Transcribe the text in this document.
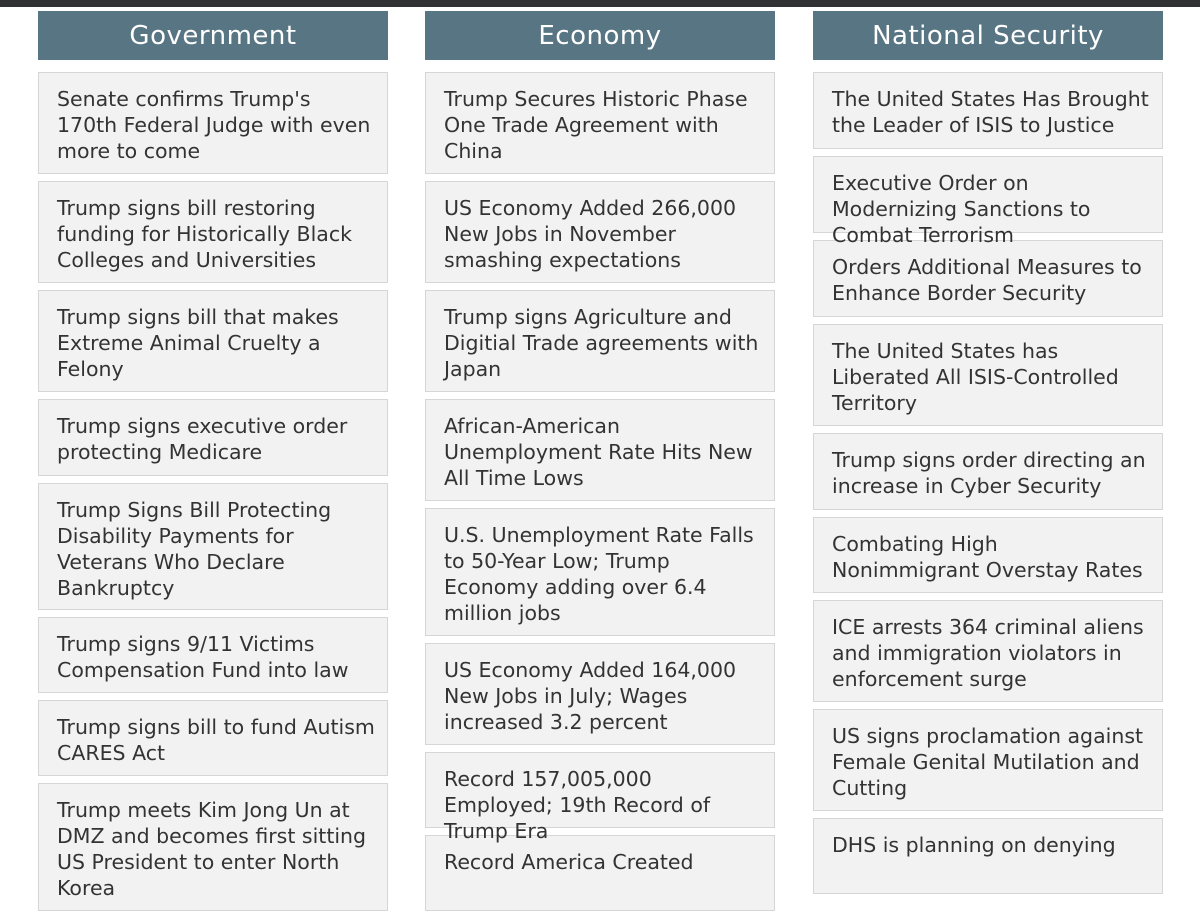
Government
Senate confirms Trump's 170th Federal Judge with even more to come
Trump signs bill restoring funding for Historically Black Colleges and Universities
Trump signs bill that makes Extreme Animal Cruelty a Felony
Trump signs executive order protecting Medicare
Trump Signs Bill Protecting Disability Payments for Veterans Who Declare Bankruptcy
Trump signs 9/11 Victims Compensation Fund into law
Trump signs bill to fund Autism CARES Act
Trump meets Kim Jong Un at DMZ and becomes first sitting US President to enter North Korea
Economy
Trump Secures Historic Phase One Trade Agreement with China
US Economy Added 266,000 New Jobs in November smashing expectations
Trump signs Agriculture and Digitial Trade agreements with Japan
African-American Unemployment Rate Hits New All Time Lows
U.S. Unemployment Rate Falls to 50-Year Low; Trump Economy adding over 6.4 million jobs
US Economy Added 164,000 New Jobs in July; Wages increased 3.2 percent
Record 157,005,000 Employed; 19th Record of Trump Era
Record America Created
National Security
The United States Has Brought the Leader of ISIS to Justice
Executive Order on Modernizing Sanctions to Combat Terrorism
Orders Additional Measures to Enhance Border Security
The United States has Liberated All ISIS-Controlled Territory
Trump signs order directing an increase in Cyber Security
Combating High Nonimmigrant Overstay Rates
ICE arrests 364 criminal aliens and immigration violators in enforcement surge
US signs proclamation against Female Genital Mutilation and Cutting
DHS is planning on denying
